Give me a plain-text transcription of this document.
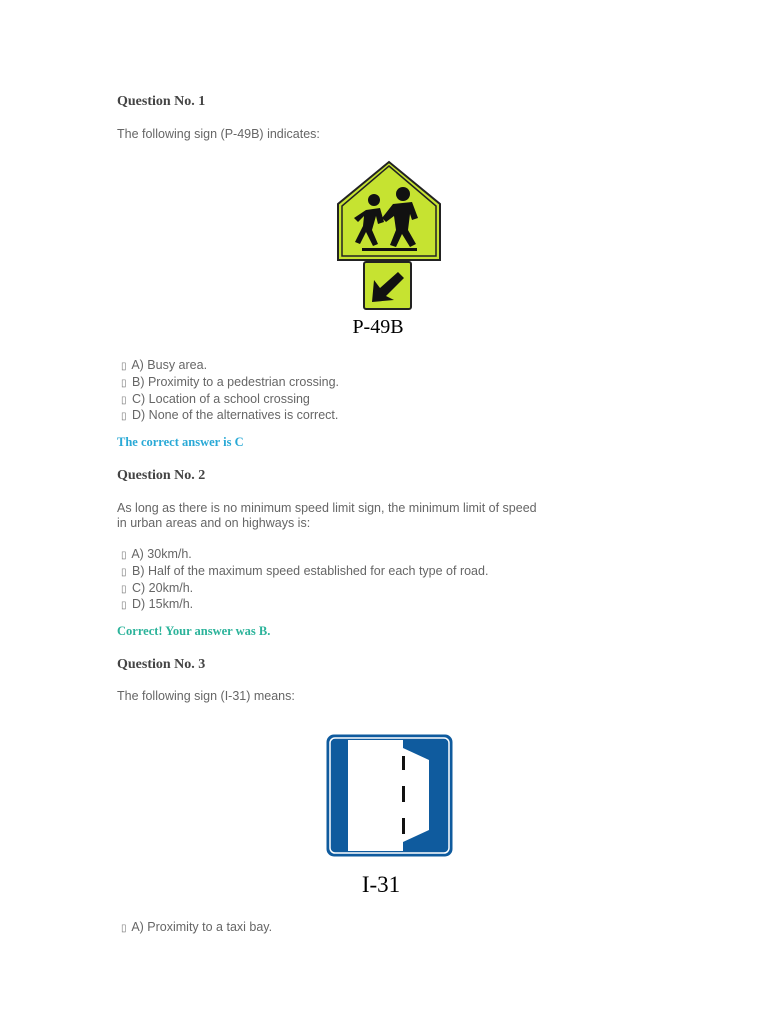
Question No. 1
The following sign (P-49B) indicates:
P-49B
▯ A) Busy area.
▯ B) Proximity to a pedestrian crossing.
▯ C) Location of a school crossing
▯ D) None of the alternatives is correct.
The correct answer is C
Question No. 2
As long as there is no minimum speed limit sign, the minimum limit of speed in urban areas and on highways is:
▯ A) 30km/h.
▯ B) Half of the maximum speed established for each type of road.
▯ C) 20km/h.
▯ D) 15km/h.
Correct! Your answer was B.
Question No. 3
The following sign (I-31) means:
I-31
▯ A) Proximity to a taxi bay.
